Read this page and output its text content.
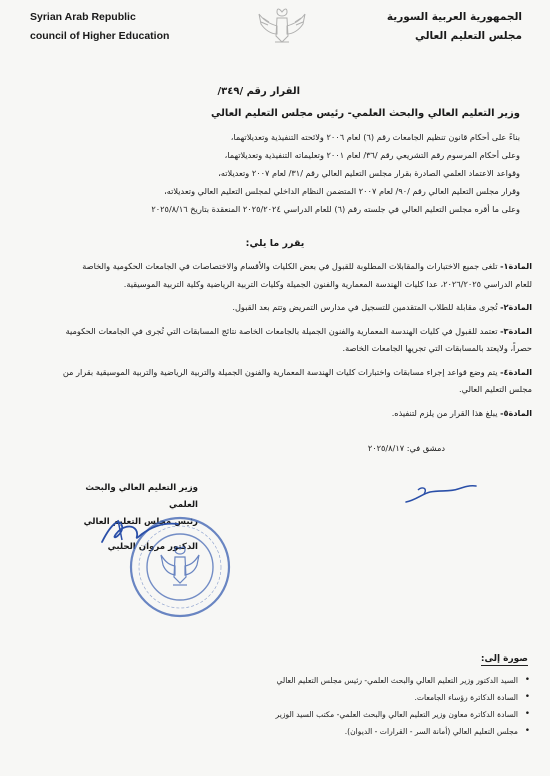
Syrian Arab Republic
council of Higher Education
الجمهورية العربية السورية
مجلس التعليم العالي
القرار رقم /٣٤٩/
وزير التعليم العالي والبحث العلمي- رئيس مجلس التعليم العالي
بناءً على أحكام قانون تنظيم الجامعات رقم (٦) لعام ٢٠٠٦ ولائحته التنفيذية وتعديلاتهما،
وعلى أحكام المرسوم رقم التشريعي رقم /٣٦/ لعام ٢٠٠١ وتعليماته التنفيذية وتعديلاتهما،
وقواعد الاعتماد العلمي الصادرة بقرار مجلس التعليم العالي رقم /٣١/ لعام ٢٠٠٧ وتعديلاته،
وقرار مجلس التعليم العالي رقم /٩٠/ لعام ٢٠٠٧ المتضمن النظام الداخلي لمجلس التعليم العالي وتعديلاته،
وعلى ما أقره مجلس التعليم العالي في جلسته رقم (٦) للعام الدراسي ٢٠٢٥/٢٠٢٤ المنعقدة بتاريخ ٢٠٢٥/٨/١٦
يقرر ما يلي:
المادة١- تلغى جميع الاختبارات والمقابلات المطلوبة للقبول في بعض الكليات والأقسام والاختصاصات في الجامعات الحكومية والخاصة
للعام الدراسي ٢٠٢٦/٢٠٢٥، عدا كليات الهندسة المعمارية والفنون الجميلة وكليات التربية الرياضية وكلية التربية الموسيقية.
المادة٢- تُجرى مقابلة للطلاب المتقدمين للتسجيل في مدارس التمريض وتتم بعد القبول.
المادة٣- تعتمد للقبول في كليات الهندسة المعمارية والفنون الجميلة بالجامعات الخاصة نتائج المسابقات التي تُجرى في الجامعات الحكومية
حصراً، ولايعتد بالمسابقات التي تجريها الجامعات الخاصة.
المادة٤- يتم وضع قواعد إجراء مسابقات واختبارات كليات الهندسة المعمارية والفنون الجميلة والتربية الرياضية والتربية الموسيقية بقرار من
مجلس التعليم العالي.
المادة٥- يبلغ هذا القرار من يلزم لتنفيذه.
دمشق في: ٢٠٢٥/٨/١٧
وزير التعليم العالي والبحث العلمي
رئيس مجلس التعليم العالي
الدكتور مروان الحلبي
صورة إلى:
• السيد الدكتور وزير التعليم العالي والبحث العلمي- رئيس مجلس التعليم العالي
• السادة الدكاترة رؤساء الجامعات.
• السادة الدكاترة معاون وزير التعليم العالي والبحث العلمي- مكتب السيد الوزير
• مجلس التعليم العالي (أمانة السر - القرارات - الديوان).
